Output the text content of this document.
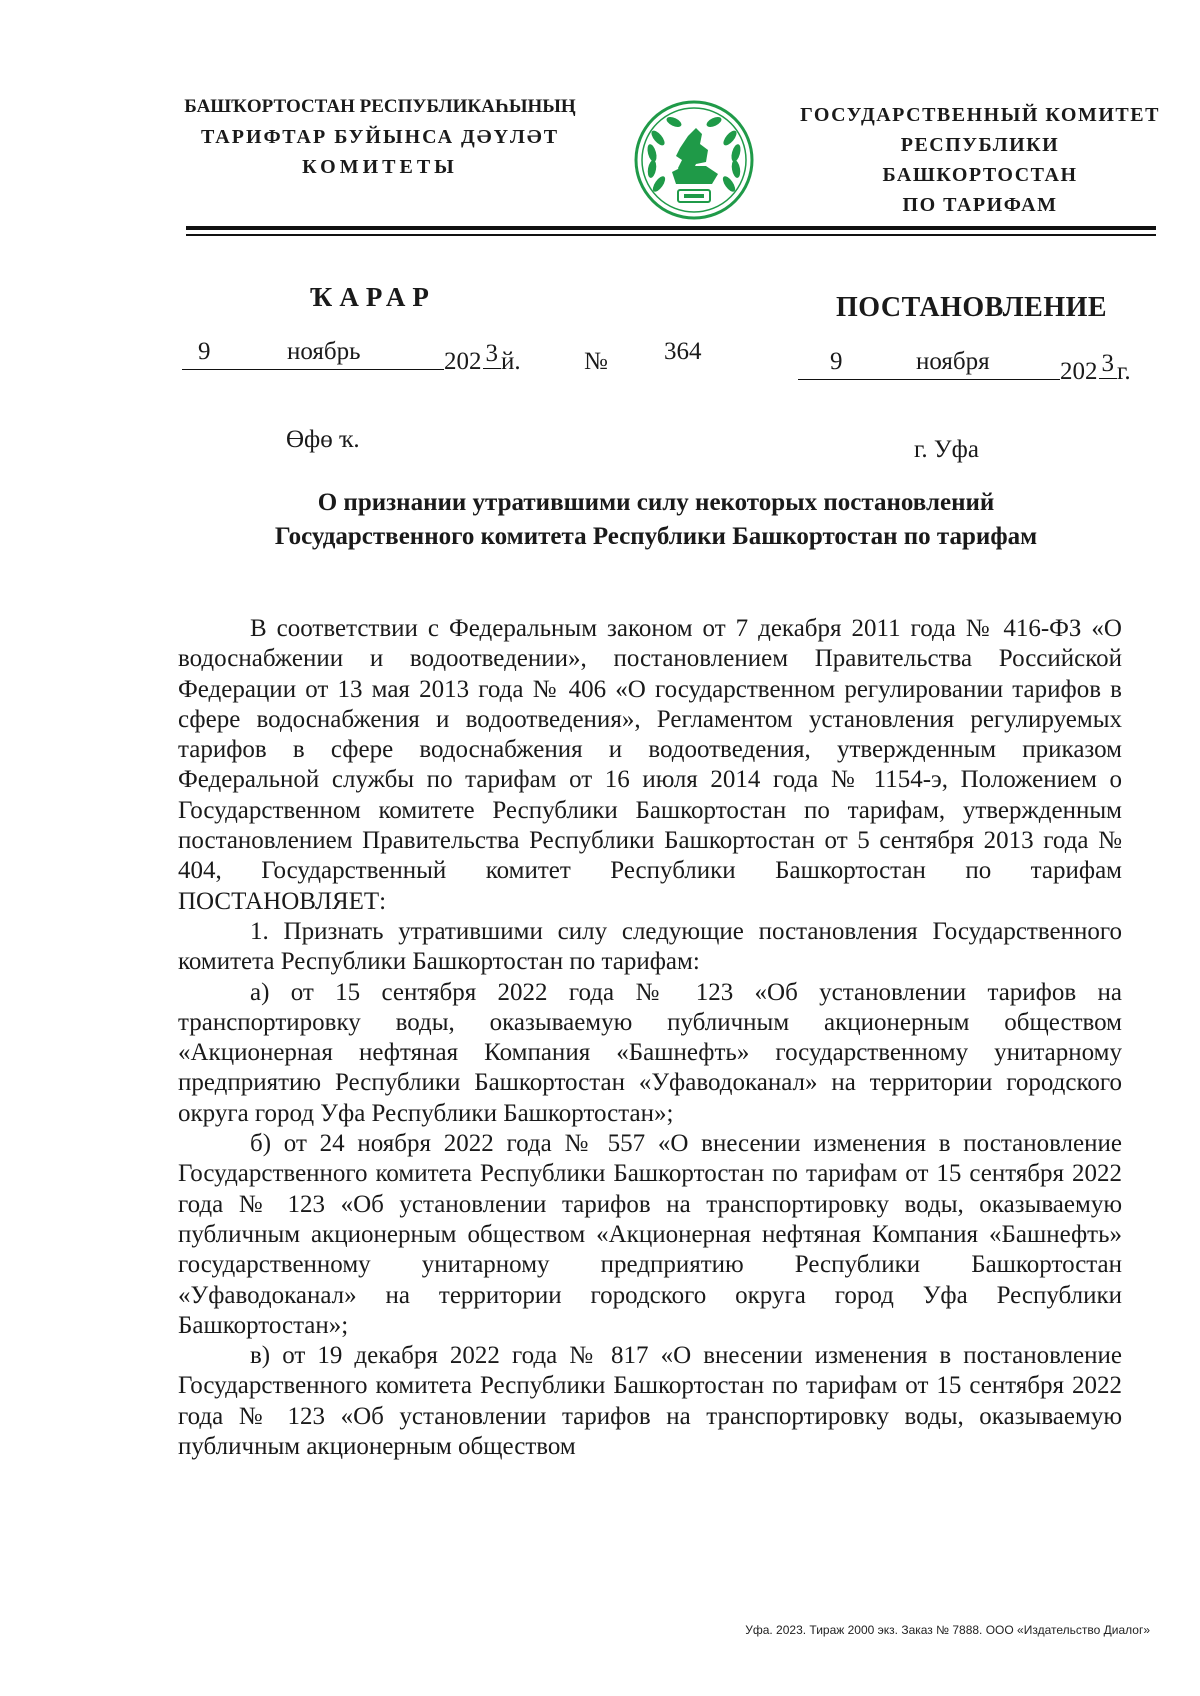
БАШҠОРТОСТАН РЕСПУБЛИКАҺЫНЫҢ
ТАРИФТАР БУЙЫНСА ДӘҮЛӘТ
КОМИТЕТЫ
ГОСУДАРСТВЕННЫЙ КОМИТЕТ
РЕСПУБЛИКИ БАШКОРТОСТАН
ПО ТАРИФАМ
ҠАРАР	ПОСТАНОВЛЕНИЕ
9	ноябрь	202 3 й.	№ 364	9	ноября	202 3 г.
Өфө ҡ.	г. Уфа
О признании утратившими силу некоторых постановлений
Государственного комитета Республики Башкортостан по тарифам

В соответствии с Федеральным законом от 7 декабря 2011 года № 416-ФЗ «О водоснабжении и водоотведении», постановлением Правительства Российской Федерации от 13 мая 2013 года № 406 «О государственном регулировании тарифов в сфере водоснабжения и водоотведения», Регламентом установления регулируемых тарифов в сфере водоснабжения и водоотведения, утвержденным приказом Федеральной службы по тарифам от 16 июля 2014 года № 1154-э, Положением о Государственном комитете Республики Башкортостан по тарифам, утвержденным постановлением Правительства Республики Башкортостан от 5 сентября 2013 года № 404, Государственный комитет Республики Башкортостан по тарифам ПОСТАНОВЛЯЕТ:

1. Признать утратившими силу следующие постановления Государственного комитета Республики Башкортостан по тарифам:

а) от 15 сентября 2022 года № 123 «Об установлении тарифов на транспортировку воды, оказываемую публичным акционерным обществом «Акционерная нефтяная Компания «Башнефть» государственному унитарному предприятию Республики Башкортостан «Уфаводоканал» на территории городского округа город Уфа Республики Башкортостан»;

б) от 24 ноября 2022 года № 557 «О внесении изменения в постановление Государственного комитета Республики Башкортостан по тарифам от 15 сентября 2022 года № 123 «Об установлении тарифов на транспортировку воды, оказываемую публичным акционерным обществом «Акционерная нефтяная Компания «Башнефть» государственному унитарному предприятию Республики Башкортостан «Уфаводоканал» на территории городского округа город Уфа Республики Башкортостан»;

в) от 19 декабря 2022 года № 817 «О внесении изменения в постановление Государственного комитета Республики Башкортостан по тарифам от 15 сентября 2022 года № 123 «Об установлении тарифов на транспортировку воды, оказываемую публичным акционерным обществом

Уфа. 2023. Тираж 2000 экз. Заказ № 7888. ООО «Издательство Диалог»
